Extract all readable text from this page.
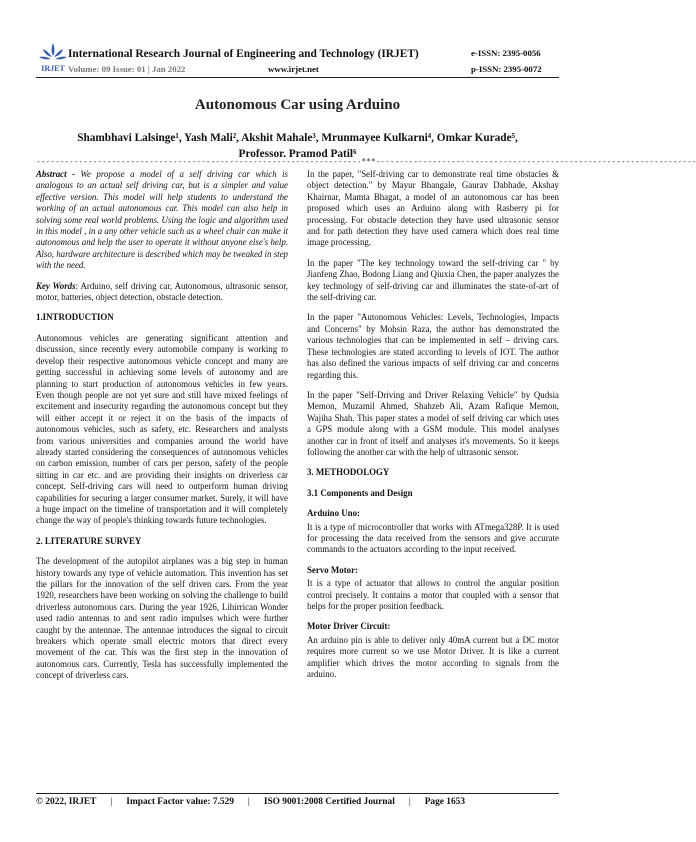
IRJET
International Research Journal of Engineering and Technology (IRJET)
Volume: 09 Issue: 01 | Jan 2022	www.irjet.net
e-ISSN: 2395-0056
p-ISSN: 2395-0072
Autonomous Car using Arduino
Shambhavi Lalsinge¹, Yash Mali², Akshit Mahale³, Mrunmayee Kulkarni⁴, Omkar Kurade⁵,
Professor. Pramod Patil⁶
---------------------------------------------------------------------***--------------------------------------------------------------------

Abstract - We propose a model of a self driving car which is analogous to an actual self driving car, but is a simpler and value effective version. This model will help students to understand the working of an actual autonomous car. This model can also help in solving some real world problems. Using the logic and algorithm used in this model , in a any other vehicle such as a wheel chair can make it autonomous and help the user to operate it without anyone else's help. Also, hardware architecture is described which may be tweaked in step with the need.

Key Words: Arduino, self driving car, Autonomous, ultrasonic sensor, motor, batteries, object detection, obstacle detection.

1.INTRODUCTION

Autonomous vehicles are generating significant attention and discussion, since recently every automobile company is working to develop their respective autonomous vehicle concept and many are getting successful in achieving some levels of autonomy and are planning to start production of autonomous vehicles in few years. Even though people are not yet sure and still have mixed feelings of excitement and insecurity regarding the autonomous concept but they will either accept it or reject it on the basis of the impacts of autonomous vehicles, such as safety, etc. Researchers and analysts from various universities and companies around the world have already started considering the consequences of autonomous vehicles on carbon emission, number of cars per person, safety of the people sitting in car etc. and are providing their insights on driverless car concept. Self-driving cars will need to outperform human driving capabilities for securing a larger consumer market. Surely, it will have a huge impact on the timeline of transportation and it will completely change the way of people's thinking towards future technologies.

2. LITERATURE SURVEY

The development of the autopilot airplanes was a big step in human history towards any type of vehicle automation. This invention has set the pillars for the innovation of the self driven cars. From the year 1920, researchers have been working on solving the challenge to build driverless autonomous cars. During the year 1926, Lihirrican Wonder used radio antennas to and sent radio impulses which were further caught by the antennae. The antennae introduces the signal to circuit breakers which operate small electric motors that direct every movement of the car. This was the first step in the innovation of autonomous cars. Currently, Tesla has successfully implemented the concept of driverless cars.

In the paper, "Self-driving car to demonstrate real time obstacles & object detection." by Mayur Bhangale, Gaurav Dabhade, Akshay Khairnar, Mamta Bhagat, a model of an autonomous car has been proposed which uses an Arduino along with Rasberry pi for processing. For obstacle detection they have used ultrasonic sensor and for path detection they have used camera which does real time image processing.

In the paper "The key technology toward the self-driving car " by Jianfeng Zhao, Bodong Liang and Qiuxia Chen, the paper analyzes the key technology of self-driving car and illuminates the state-of-art of the self-driving car.

In the paper "Autonomous Vehicles: Levels, Technologies, Impacts and Concerns" by Mohsin Raza, the author has demonstrated the various technologies that can be implemented in self – driving cars. These technologies are stated according to levels of IOT. The author has also defined the various impacts of self driving car and concerns regarding this.

In the paper "Self-Driving and Driver Relaxing Vehicle" by Qudsia Memon, Muzamil Ahmed, Shahzeb Ali, Azam Rafique Memon, Wajiha Shah. This paper states a model of self driving car which uses a GPS module along with a GSM module. This model analyses another car in front of itself and analyses it's movements. So it keeps following the another car with the help of ultrasonic sensor.

3. METHODOLOGY
3.1 Components and Design
Arduino Uno:

It is a type of microcontroller that works with ATmega328P. It is used for processing the data received from the sensors and give accurate commands to the actuators according to the input received.

Servo Motor:

It is a type of actuator that allows to control the angular position control precisely. It contains a motor that coupled with a sensor that helps for the proper position feedback.

Motor Driver Circuit:

An arduino pin is able to deliver only 40mA current but a DC motor requires more current so we use Motor Driver. It is like a current amplifier which drives the motor according to signals from the arduino.

© 2022, IRJET | Impact Factor value: 7.529 | ISO 9001:2008 Certified Journal | Page 1653
